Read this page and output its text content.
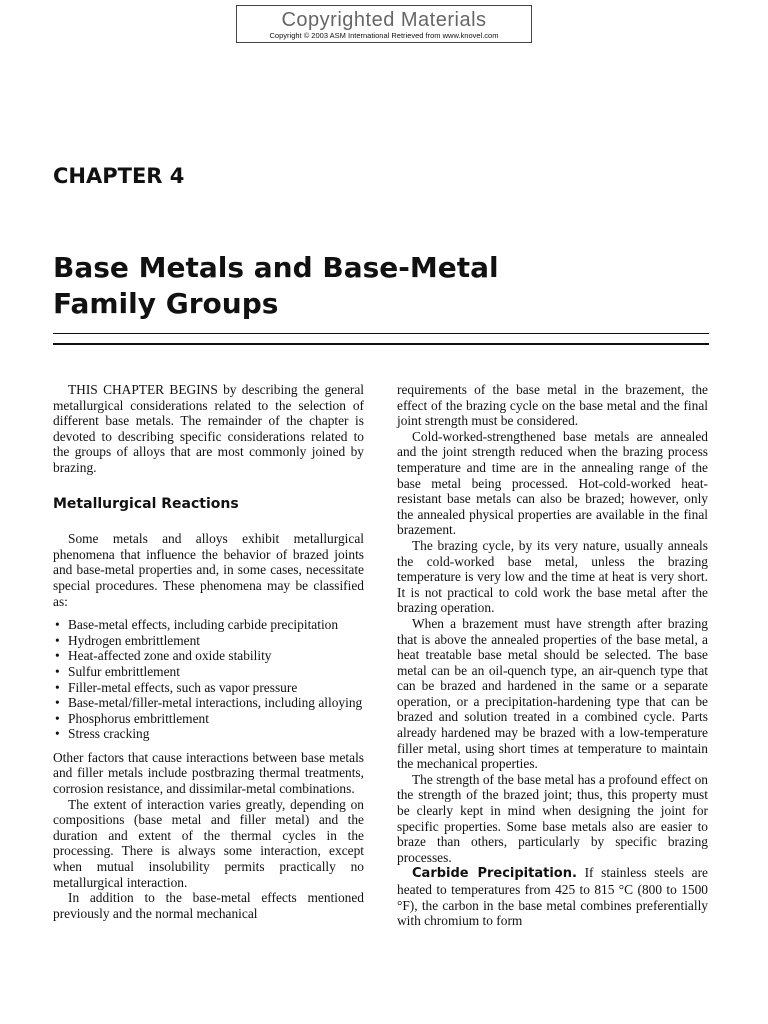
Copyrighted Materials
Copyright © 2003 ASM International Retrieved from www.knovel.com
CHAPTER 4
Base Metals and Base-Metal
Family Groups

THIS CHAPTER BEGINS by describing the general metallurgical considerations related to the selection of different base metals. The remainder of the chapter is devoted to describing specific considerations related to the groups of alloys that are most commonly joined by brazing.

Metallurgical Reactions

Some metals and alloys exhibit metallurgical phenomena that influence the behavior of brazed joints and base-metal properties and, in some cases, necessitate special procedures. These phenomena may be classified as:

• Base-metal effects, including carbide precipitation
• Hydrogen embrittlement
• Heat-affected zone and oxide stability
• Sulfur embrittlement
• Filler-metal effects, such as vapor pressure
• Base-metal/filler-metal interactions, including alloying
• Phosphorus embrittlement
• Stress cracking

Other factors that cause interactions between base metals and filler metals include postbrazing thermal treatments, corrosion resistance, and dissimilar-metal combinations.

The extent of interaction varies greatly, depending on compositions (base metal and filler metal) and the duration and extent of the thermal cycles in the processing. There is always some interaction, except when mutual insolubility permits practically no metallurgical interaction.

In addition to the base-metal effects mentioned previously and the normal mechanical

requirements of the base metal in the brazement, the effect of the brazing cycle on the base metal and the final joint strength must be considered.

Cold-worked-strengthened base metals are annealed and the joint strength reduced when the brazing process temperature and time are in the annealing range of the base metal being processed. Hot-cold-worked heat-resistant base metals can also be brazed; however, only the annealed physical properties are available in the final brazement.

The brazing cycle, by its very nature, usually anneals the cold-worked base metal, unless the brazing temperature is very low and the time at heat is very short. It is not practical to cold work the base metal after the brazing operation.

When a brazement must have strength after brazing that is above the annealed properties of the base metal, a heat treatable base metal should be selected. The base metal can be an oil-quench type, an air-quench type that can be brazed and hardened in the same or a separate operation, or a precipitation-hardening type that can be brazed and solution treated in a combined cycle. Parts already hardened may be brazed with a low-temperature filler metal, using short times at temperature to maintain the mechanical properties.

The strength of the base metal has a profound effect on the strength of the brazed joint; thus, this property must be clearly kept in mind when designing the joint for specific properties. Some base metals also are easier to braze than others, particularly by specific brazing processes.

Carbide Precipitation. If stainless steels are heated to temperatures from 425 to 815 °C (800 to 1500 °F), the carbon in the base metal combines preferentially with chromium to form
